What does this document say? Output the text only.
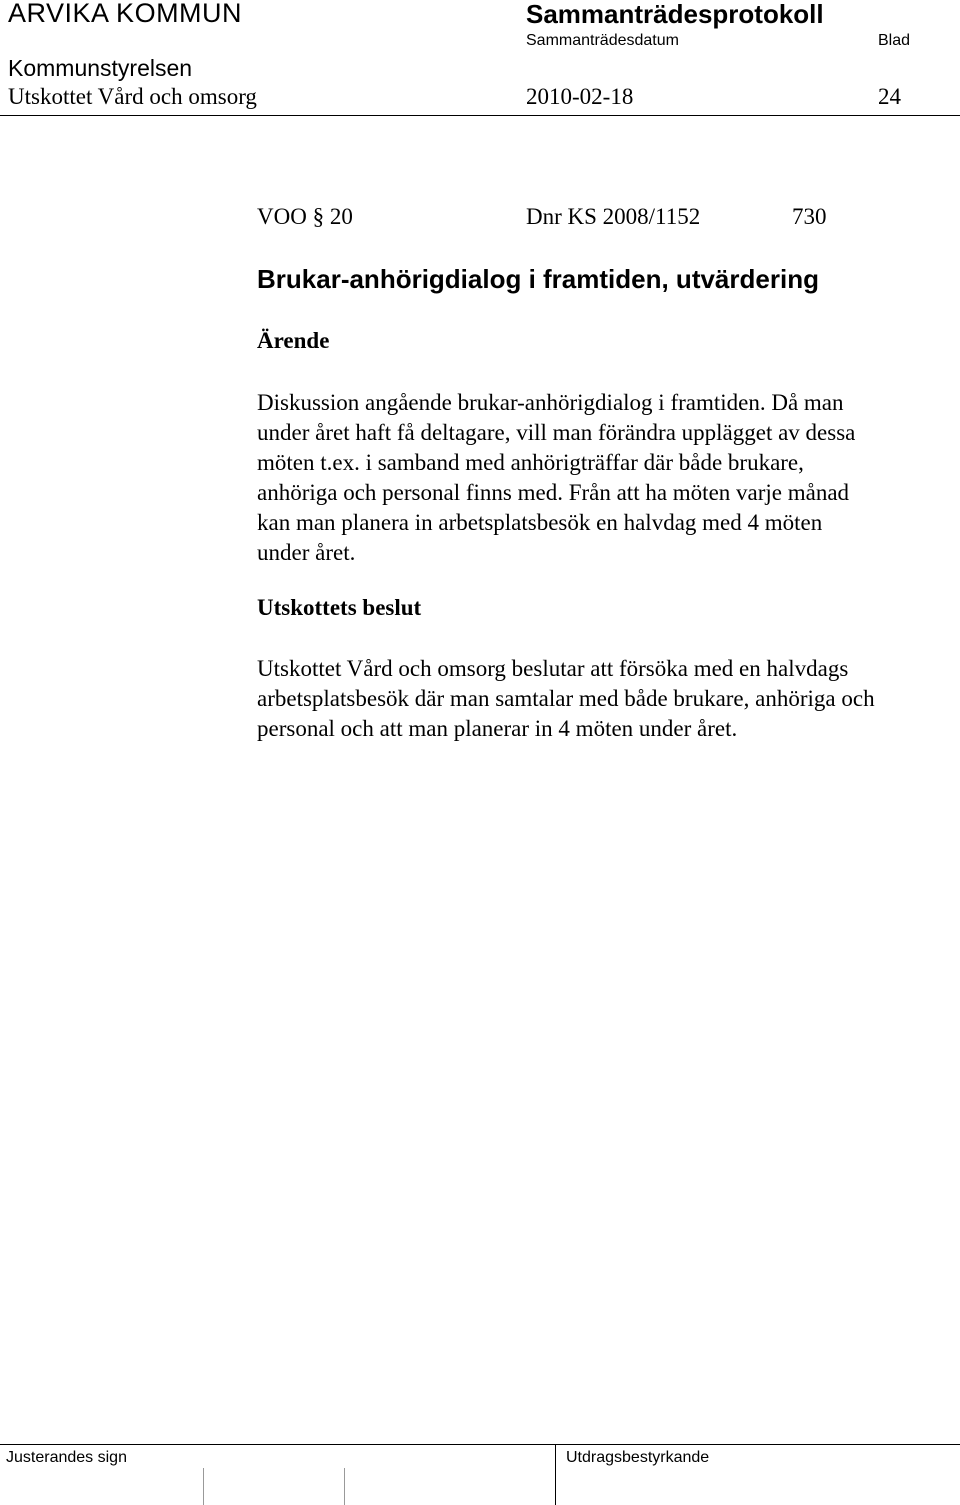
ARVIKA KOMMUN	Sammanträdesprotokoll
Sammanträdesdatum	Blad
Kommunstyrelsen
Utskottet Vård och omsorg	2010-02-18	24
VOO § 20	Dnr KS 2008/1152	730
Brukar-anhörigdialog i framtiden, utvärdering
Ärende
Diskussion angående brukar-anhörigdialog i framtiden. Då man
under året haft få deltagare, vill man förändra upplägget av dessa
möten t.ex. i samband med anhörigträffar där både brukare,
anhöriga och personal finns med. Från att ha möten varje månad
kan man planera in arbetsplatsbesök en halvdag med 4 möten
under året.
Utskottets beslut
Utskottet Vård och omsorg beslutar att försöka med en halvdags
arbetsplatsbesök där man samtalar med både brukare, anhöriga och
personal och att man planerar in 4 möten under året.
Justerandes sign	Utdragsbestyrkande
